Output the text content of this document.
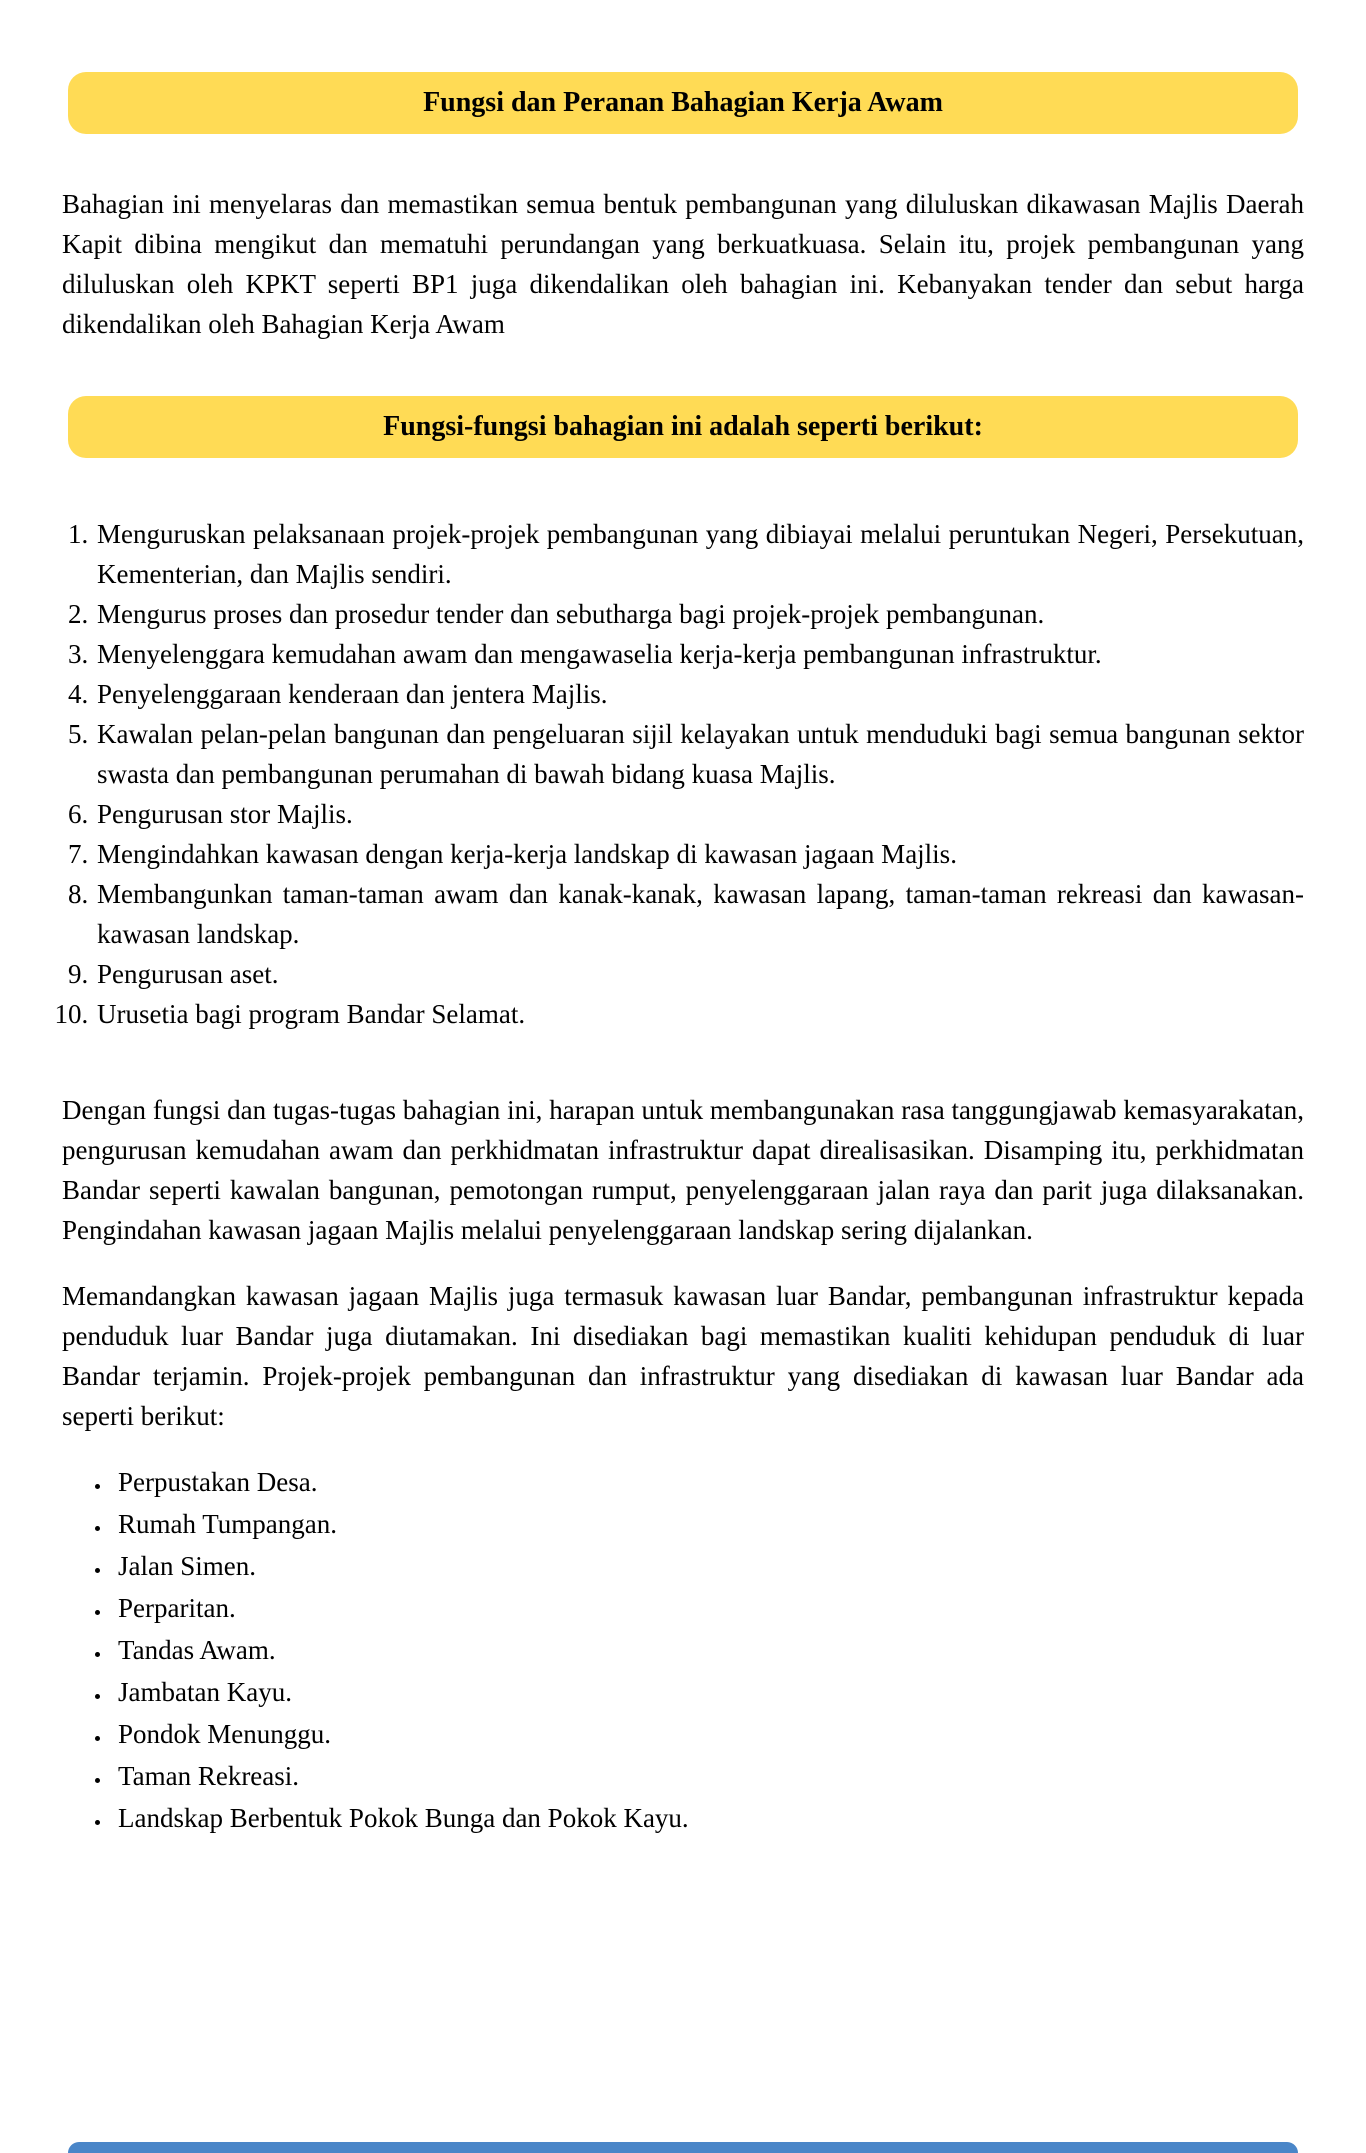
Fungsi dan Peranan Bahagian Kerja Awam

Bahagian ini menyelaras dan memastikan semua bentuk pembangunan yang diluluskan dikawasan Majlis Daerah Kapit dibina mengikut dan mematuhi perundangan yang berkuatkuasa. Selain itu, projek pembangunan yang diluluskan oleh KPKT seperti BP1 juga dikendalikan oleh bahagian ini. Kebanyakan tender dan sebut harga dikendalikan oleh Bahagian Kerja Awam

Fungsi-fungsi bahagian ini adalah seperti berikut:
1. Menguruskan pelaksanaan projek-projek pembangunan yang dibiayai melalui peruntukan Negeri, Persekutuan, Kementerian, dan Majlis sendiri.
2. Mengurus proses dan prosedur tender dan sebutharga bagi projek-projek pembangunan.
3. Menyelenggara kemudahan awam dan mengawaselia kerja-kerja pembangunan infrastruktur.
4. Penyelenggaraan kenderaan dan jentera Majlis.
5. Kawalan pelan-pelan bangunan dan pengeluaran sijil kelayakan untuk menduduki bagi semua bangunan sektor swasta dan pembangunan perumahan di bawah bidang kuasa Majlis.
6. Pengurusan stor Majlis.
7. Mengindahkan kawasan dengan kerja-kerja landskap di kawasan jagaan Majlis.
8. Membangunkan taman-taman awam dan kanak-kanak, kawasan lapang, taman-taman rekreasi dan kawasan-kawasan landskap.
9. Pengurusan aset.
10. Urusetia bagi program Bandar Selamat.

Dengan fungsi dan tugas-tugas bahagian ini, harapan untuk membangunakan rasa tanggungjawab kemasyarakatan, pengurusan kemudahan awam dan perkhidmatan infrastruktur dapat direalisasikan. Disamping itu, perkhidmatan Bandar seperti kawalan bangunan, pemotongan rumput, penyelenggaraan jalan raya dan parit juga dilaksanakan. Pengindahan kawasan jagaan Majlis melalui penyelenggaraan landskap sering dijalankan.

Memandangkan kawasan jagaan Majlis juga termasuk kawasan luar Bandar, pembangunan infrastruktur kepada penduduk luar Bandar juga diutamakan. Ini disediakan bagi memastikan kualiti kehidupan penduduk di luar Bandar terjamin. Projek-projek pembangunan dan infrastruktur yang disediakan di kawasan luar Bandar ada seperti berikut:

• Perpustakan Desa.
• Rumah Tumpangan.
• Jalan Simen.
• Perparitan.
• Tandas Awam.
• Jambatan Kayu.
• Pondok Menunggu.
• Taman Rekreasi.
• Landskap Berbentuk Pokok Bunga dan Pokok Kayu.
